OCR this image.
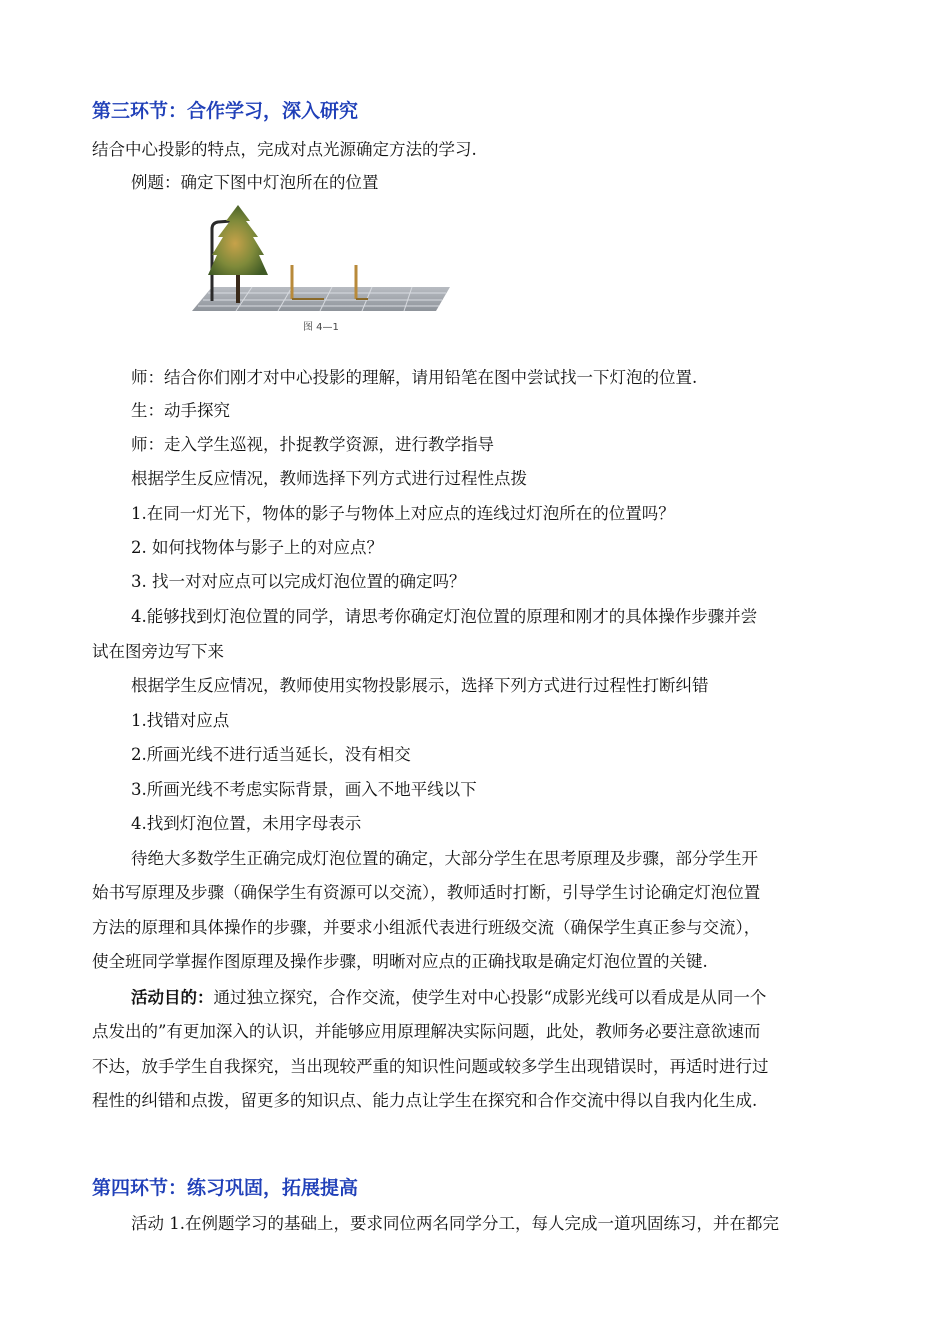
第三环节：合作学习，深入研究
结合中心投影的特点，完成对点光源确定方法的学习.
例题：确定下图中灯泡所在的位置
图 4—1
师：结合你们刚才对中心投影的理解，请用铅笔在图中尝试找一下灯泡的位置.
生：动手探究
师：走入学生巡视，扑捉教学资源，进行教学指导
根据学生反应情况，教师选择下列方式进行过程性点拨
1.在同一灯光下，物体的影子与物体上对应点的连线过灯泡所在的位置吗？
2. 如何找物体与影子上的对应点？
3. 找一对对应点可以完成灯泡位置的确定吗？
4.能够找到灯泡位置的同学，请思考你确定灯泡位置的原理和刚才的具体操作步骤并尝
试在图旁边写下来
根据学生反应情况，教师使用实物投影展示，选择下列方式进行过程性打断纠错
1.找错对应点
2.所画光线不进行适当延长，没有相交
3.所画光线不考虑实际背景，画入不地平线以下
4.找到灯泡位置，未用字母表示
待绝大多数学生正确完成灯泡位置的确定，大部分学生在思考原理及步骤，部分学生开
始书写原理及步骤（确保学生有资源可以交流），教师适时打断，引导学生讨论确定灯泡位置
方法的原理和具体操作的步骤，并要求小组派代表进行班级交流（确保学生真正参与交流），
使全班同学掌握作图原理及操作步骤，明晰对应点的正确找取是确定灯泡位置的关键.
活动目的：通过独立探究，合作交流，使学生对中心投影“成影光线可以看成是从同一个
点发出的”有更加深入的认识，并能够应用原理解决实际问题，此处，教师务必要注意欲速而
不达，放手学生自我探究，当出现较严重的知识性问题或较多学生出现错误时，再适时进行过
程性的纠错和点拨，留更多的知识点、能力点让学生在探究和合作交流中得以自我内化生成.
第四环节：练习巩固，拓展提高
活动 1.在例题学习的基础上，要求同位两名同学分工，每人完成一道巩固练习，并在都完
